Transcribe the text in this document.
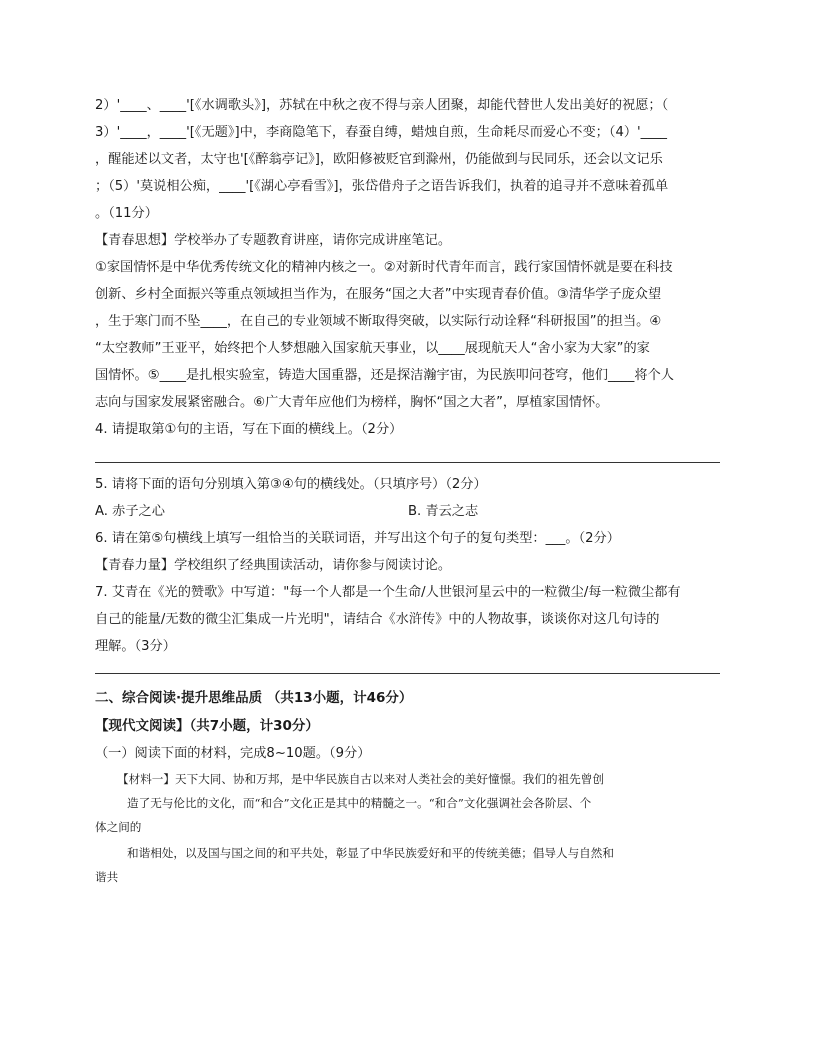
2）'____、____'[《水调歌头》]，苏轼在中秋之夜不得与亲人团聚，却能代替世人发出美好的祝愿；（
3）'____，____'[《无题》]中，李商隐笔下，春蚕自缚，蜡烛自煎，生命耗尽而爱心不变；（4）'____
，醒能述以文者，太守也'[《醉翁亭记》]，欧阳修被贬官到滁州，仍能做到与民同乐，还会以文记乐
；（5）'莫说相公痴，____'[《湖心亭看雪》]，张岱借舟子之语告诉我们，执着的追寻并不意味着孤单
。（11分）
【青春思想】学校举办了专题教育讲座，请你完成讲座笔记。
①家国情怀是中华优秀传统文化的精神内核之一。②对新时代青年而言，践行家国情怀就是要在科技
创新、乡村全面振兴等重点领域担当作为，在服务“国之大者”中实现青春价值。③清华学子庞众望
，生于寒门而不坠____，在自己的专业领域不断取得突破，以实际行动诠释“科研报国”的担当。④
“太空教师”王亚平，始终把个人梦想融入国家航天事业，以____展现航天人“舍小家为大家”的家
国情怀。⑤____是扎根实验室，铸造大国重器，还是探洁瀚宇宙，为民族叩问苍穹，他们____将个人
志向与国家发展紧密融合。⑥广大青年应他们为榜样，胸怀“国之大者”，厚植家国情怀。
4. 请提取第①句的主语，写在下面的横线上。（2分）
5. 请将下面的语句分别填入第③④句的横线处。（只填序号）（2分）
A. 赤子之心	B. 青云之志
6. 请在第⑤句横线上填写一组恰当的关联词语，并写出这个句子的复句类型：___。（2分）
【青春力量】学校组织了经典围读活动，请你参与阅读讨论。
7. 艾青在《光的赞歌》中写道："每一个人都是一个生命/人世银河星云中的一粒微尘/每一粒微尘都有
自己的能量/无数的微尘汇集成一片光明"，请结合《水浒传》中的人物故事，谈谈你对这几句诗的
理解。（3分）
二、综合阅读·提升思维品质 （共13小题，计46分）
【现代文阅读】（共7小题，计30分）
（一）阅读下面的材料，完成8~10题。（9分）
【材料一】天下大同、协和万邦，是中华民族自古以来对人类社会的美好憧憬。我们的祖先曾创
造了无与伦比的文化，而“和合”文化正是其中的精髓之一。“和合”文化强调社会各阶层、个
体之间的
和谐相处，以及国与国之间的和平共处，彰显了中华民族爱好和平的传统美德；倡导人与自然和
谐共
